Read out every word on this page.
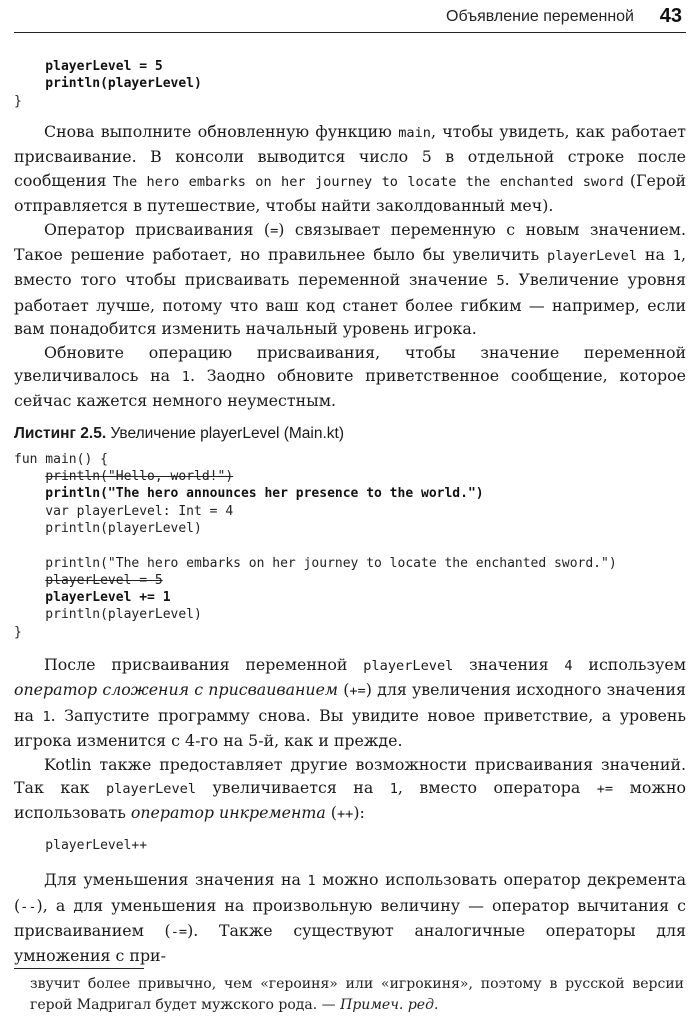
Объявление переменной 43
playerLevel = 5
println(playerLevel)
}

Снова выполните обновленную функцию main, чтобы увидеть, как работает присваивание. В консоли выводится число 5 в отдельной строке после сообщения The hero embarks on her journey to locate the enchanted sword (Герой отправляется в путешествие, чтобы найти заколдованный меч).

Оператор присваивания (=) связывает переменную с новым значением. Такое решение работает, но правильнее было бы увеличить playerLevel на 1, вместо того чтобы присваивать переменной значение 5. Увеличение уровня работает лучше, потому что ваш код станет более гибким — например, если вам понадобится изменить начальный уровень игрока.

Обновите операцию присваивания, чтобы значение переменной увеличивалось на 1. Заодно обновите приветственное сообщение, которое сейчас кажется немного неуместным.

Листинг 2.5. Увеличение playerLevel (Main.kt)
fun main() {
println("Hello, world!")
println("The hero announces her presence to the world.")
var playerLevel: Int = 4
println(playerLevel)

println("The hero embarks on her journey to locate the enchanted sword.")
playerLevel = 5
playerLevel += 1
println(playerLevel)
}

После присваивания переменной playerLevel значения 4 используем оператор сложения с присваиванием (+=) для увеличения исходного значения на 1. Запустите программу снова. Вы увидите новое приветствие, а уровень игрока изменится с 4-го на 5-й, как и прежде.

Kotlin также предоставляет другие возможности присваивания значений. Так как playerLevel увеличивается на 1, вместо оператора += можно использовать оператор инкремента (++):

playerLevel++

Для уменьшения значения на 1 можно использовать оператор декремента (--), а для уменьшения на произвольную величину — оператор вычитания с присваиванием (-=). Также существуют аналогичные операторы для умножения с при-

звучит более привычно, чем «героиня» или «игрокиня», поэтому в русской версии герой Мадригал будет мужского рода. — Примеч. ред.
